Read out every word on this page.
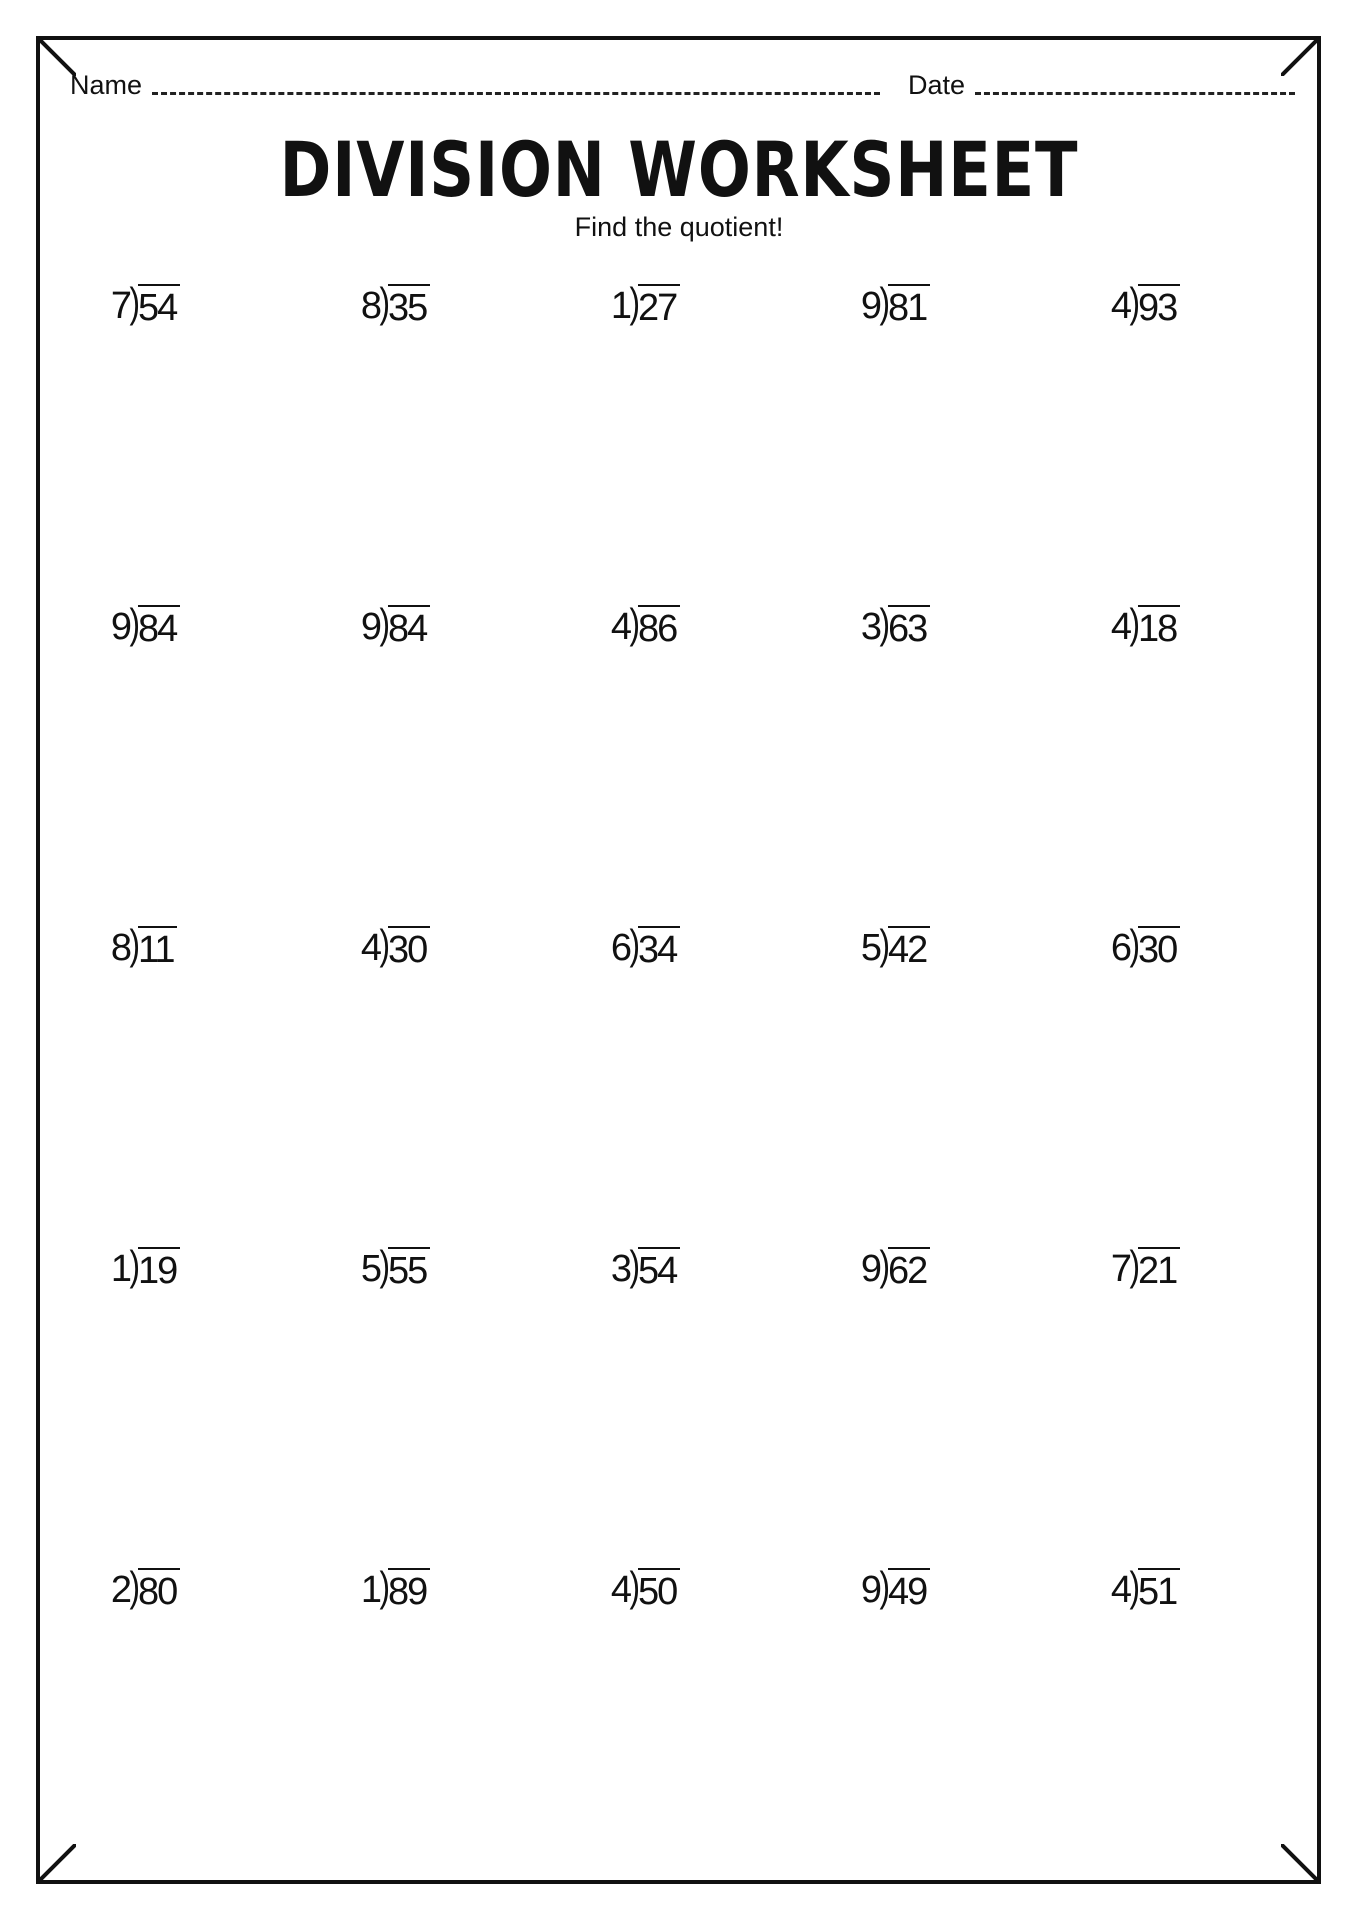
Name	Date
DIVISION WORKSHEET
Find the quotient!
7 ) 54	8 ) 35	1 ) 27	9 ) 81	4 ) 93
9 ) 84	9 ) 84	4 ) 86	3 ) 63	4 ) 18
8 ) 11	4 ) 30	6 ) 34	5 ) 42	6 ) 30
1 ) 19	5 ) 55	3 ) 54	9 ) 62	7 ) 21
2 ) 80	1 ) 89	4 ) 50	9 ) 49	4 ) 51
